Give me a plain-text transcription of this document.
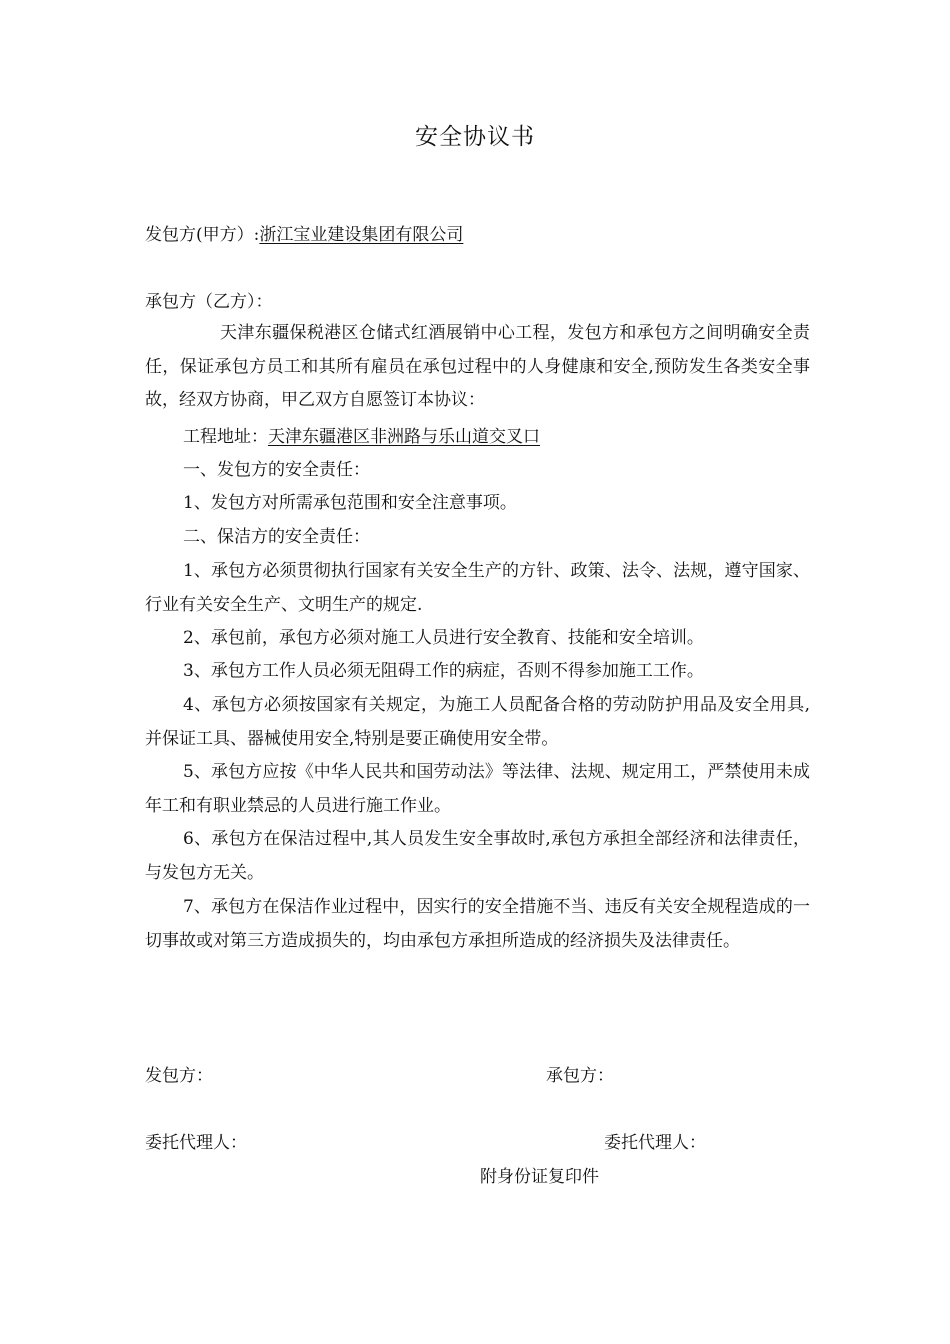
安全协议书
发包方(甲方）:浙江宝业建设集团有限公司
承包方（乙方）：
天津东疆保税港区仓储式红酒展销中心工程，发包方和承包方之间明确安全责任，保证承包方员工和其所有雇员在承包过程中的人身健康和安全,预防发生各类安全事故，经双方协商，甲乙双方自愿签订本协议：
工程地址：天津东疆港区非洲路与乐山道交叉口
一、发包方的安全责任：
1、发包方对所需承包范围和安全注意事项。
二、保洁方的安全责任：
1、承包方必须贯彻执行国家有关安全生产的方针、政策、法令、法规，遵守国家、行业有关安全生产、文明生产的规定.
2、承包前，承包方必须对施工人员进行安全教育、技能和安全培训。
3、承包方工作人员必须无阻碍工作的病症，否则不得参加施工工作。
4、承包方必须按国家有关规定，为施工人员配备合格的劳动防护用品及安全用具,并保证工具、器械使用安全,特别是要正确使用安全带。
5、承包方应按《中华人民共和国劳动法》等法律、法规、规定用工，严禁使用未成年工和有职业禁忌的人员进行施工作业。
6、承包方在保洁过程中,其人员发生安全事故时,承包方承担全部经济和法律责任，与发包方无关。
7、承包方在保洁作业过程中，因实行的安全措施不当、违反有关安全规程造成的一切事故或对第三方造成损失的，均由承包方承担所造成的经济损失及法律责任。
发包方：	承包方：
委托代理人：	委托代理人：
附身份证复印件
